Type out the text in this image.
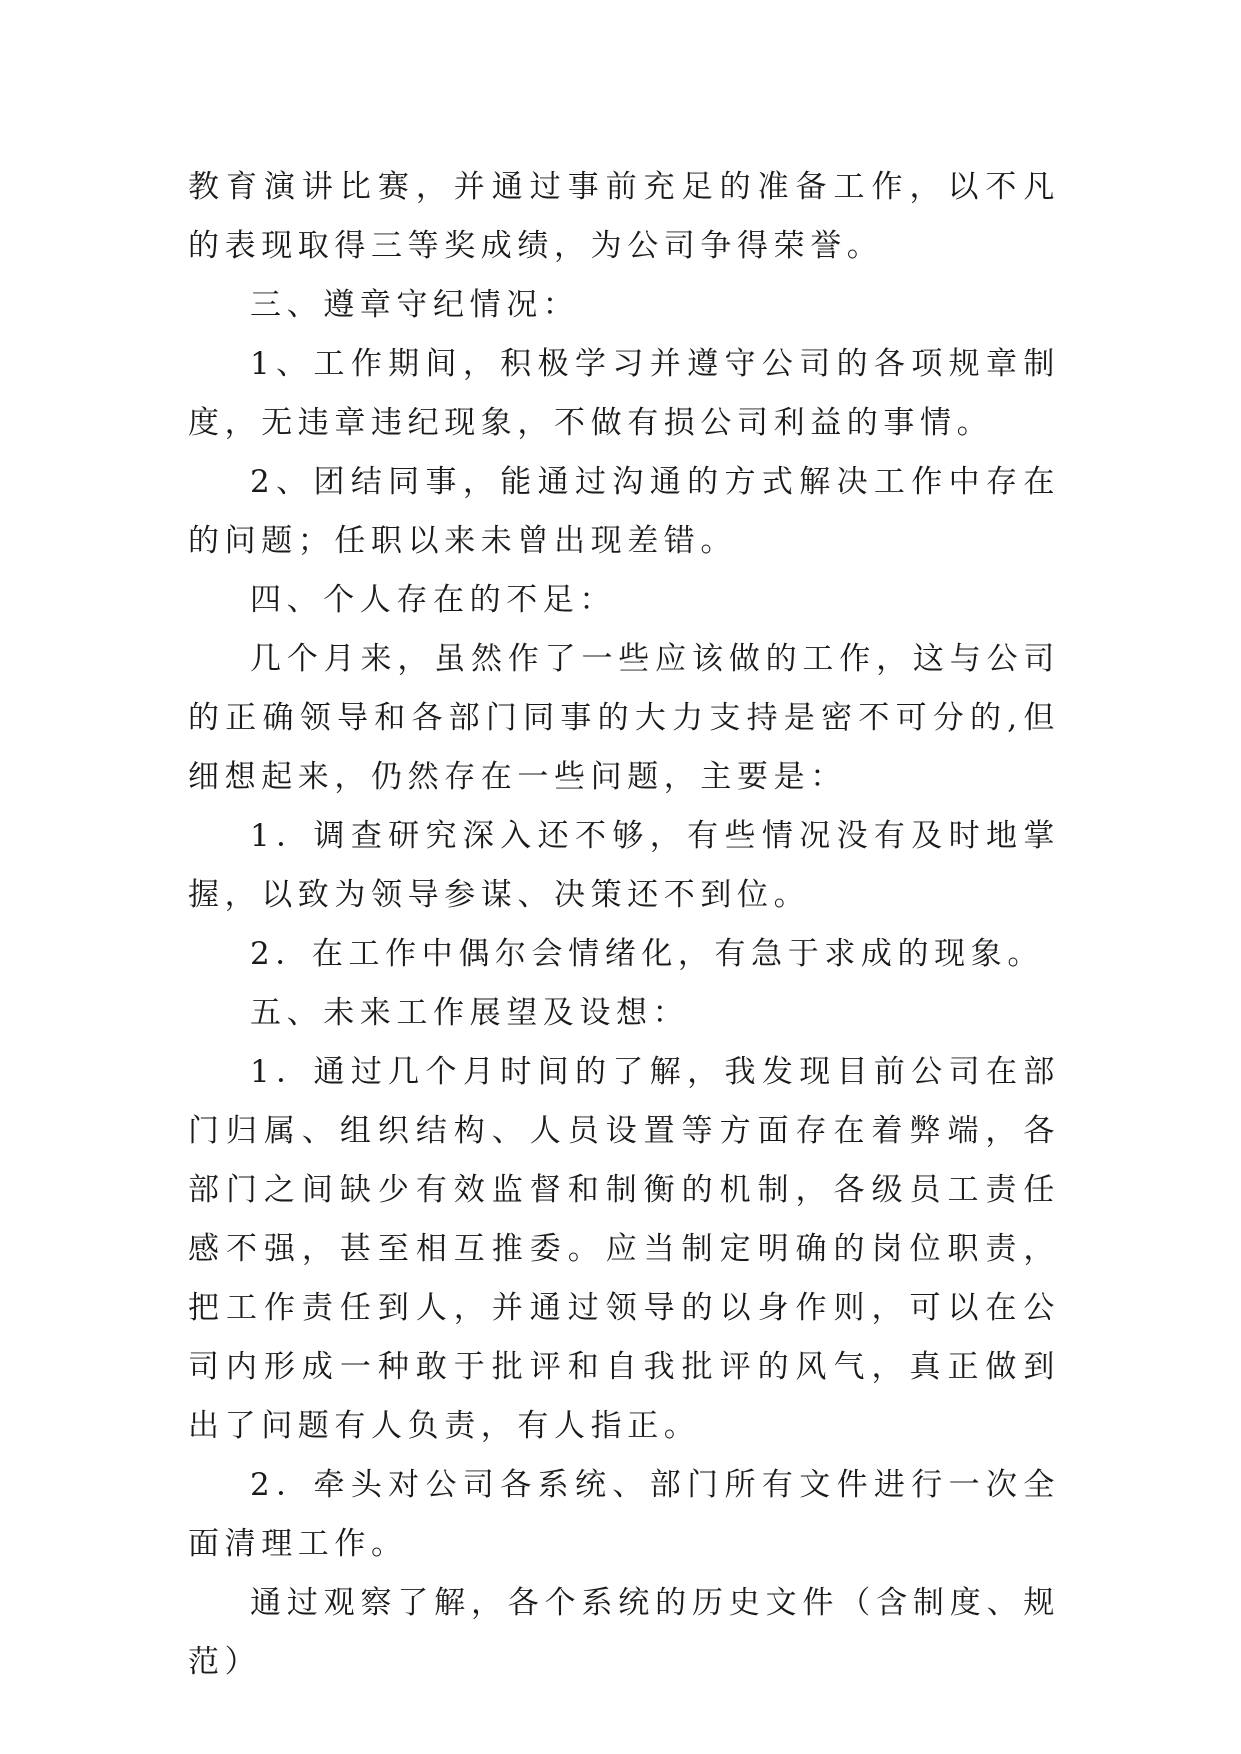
教育演讲比赛，并通过事前充足的准备工作，以不凡的表现取得三等奖成绩，为公司争得荣誉。

三、遵章守纪情况：

1、工作期间，积极学习并遵守公司的各项规章制度，无违章违纪现象，不做有损公司利益的事情。

2、团结同事，能通过沟通的方式解决工作中存在的问题；任职以来未曾出现差错。

四、个人存在的不足：

几个月来，虽然作了一些应该做的工作，这与公司的正确领导和各部门同事的大力支持是密不可分的,但细想起来，仍然存在一些问题，主要是：

1．调查研究深入还不够，有些情况没有及时地掌握，以致为领导参谋、决策还不到位。

2．在工作中偶尔会情绪化，有急于求成的现象。

五、未来工作展望及设想：

1．通过几个月时间的了解，我发现目前公司在部门归属、组织结构、人员设置等方面存在着弊端，各部门之间缺少有效监督和制衡的机制，各级员工责任感不强，甚至相互推委。应当制定明确的岗位职责，把工作责任到人，并通过领导的以身作则，可以在公司内形成一种敢于批评和自我批评的风气，真正做到出了问题有人负责，有人指正。

2．牵头对公司各系统、部门所有文件进行一次全面清理工作。

通过观察了解，各个系统的历史文件（含制度、规范）
